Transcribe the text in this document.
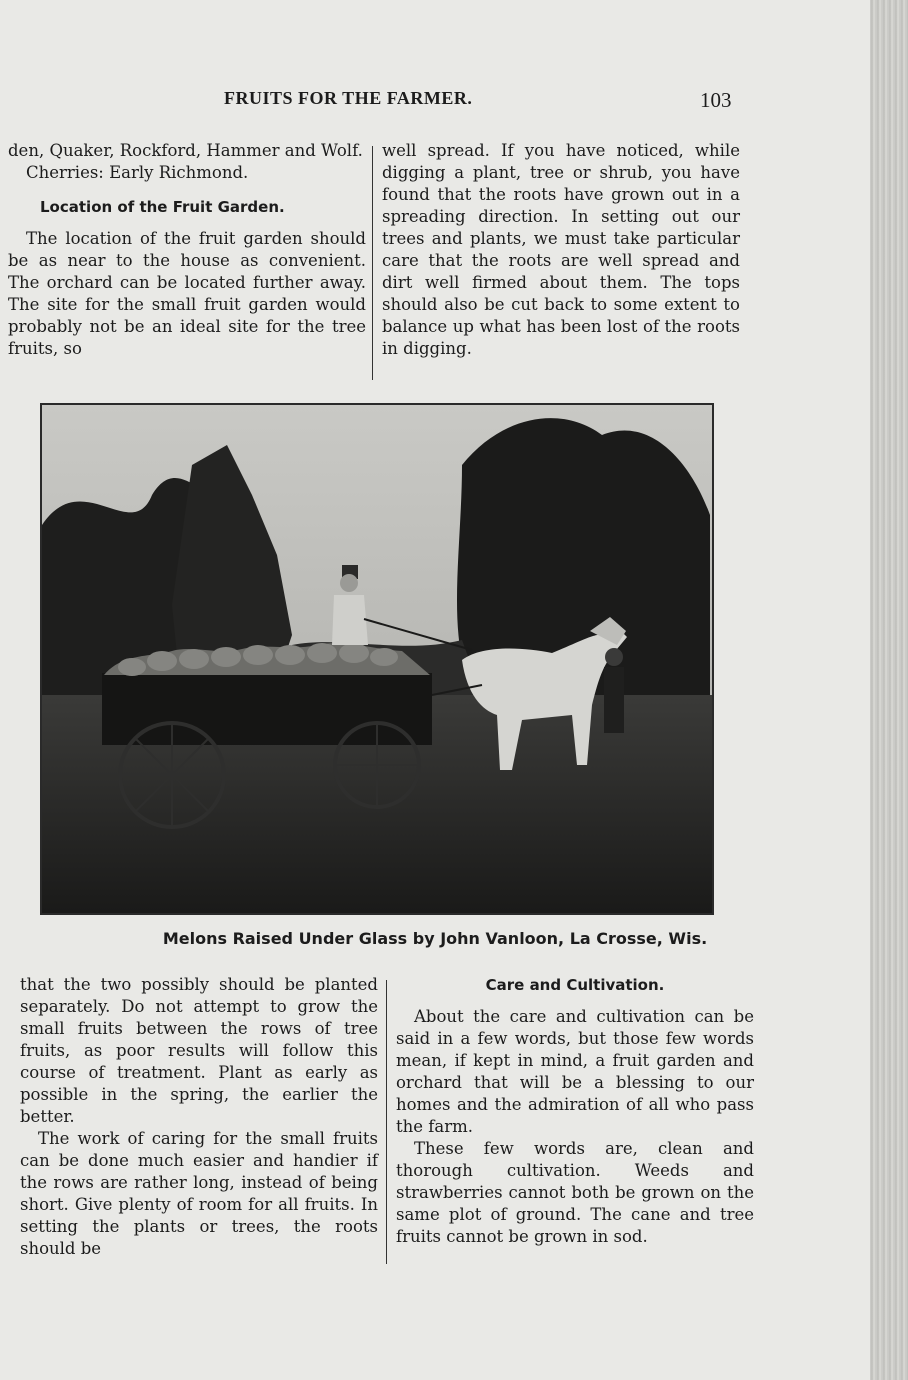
FRUITS FOR THE FARMER.	103

den, Quaker, Rockford, Hammer and Wolf.

Cherries: Early Richmond.

Location of the Fruit Garden.

The location of the fruit garden should be as near to the house as convenient. The orchard can be located further away. The site for the small fruit garden would probably not be an ideal site for the tree fruits, so

well spread. If you have noticed, while digging a plant, tree or shrub, you have found that the roots have grown out in a spreading direction. In setting out our trees and plants, we must take particular care that the roots are well spread and dirt well firmed about them. The tops should also be cut back to some extent to balance up what has been lost of the roots in digging.

Melons Raised Under Glass by John Vanloon, La Crosse, Wis.

that the two possibly should be planted separately. Do not attempt to grow the small fruits between the rows of tree fruits, as poor results will follow this course of treatment. Plant as early as possible in the spring, the earlier the better.

The work of caring for the small fruits can be done much easier and handier if the rows are rather long, instead of being short. Give plenty of room for all fruits. In setting the plants or trees, the roots should be

Care and Cultivation.

About the care and cultivation can be said in a few words, but those few words mean, if kept in mind, a fruit garden and orchard that will be a blessing to our homes and the admiration of all who pass the farm.

These few words are, clean and thorough cultivation. Weeds and strawberries cannot both be grown on the same plot of ground. The cane and tree fruits cannot be grown in sod.
